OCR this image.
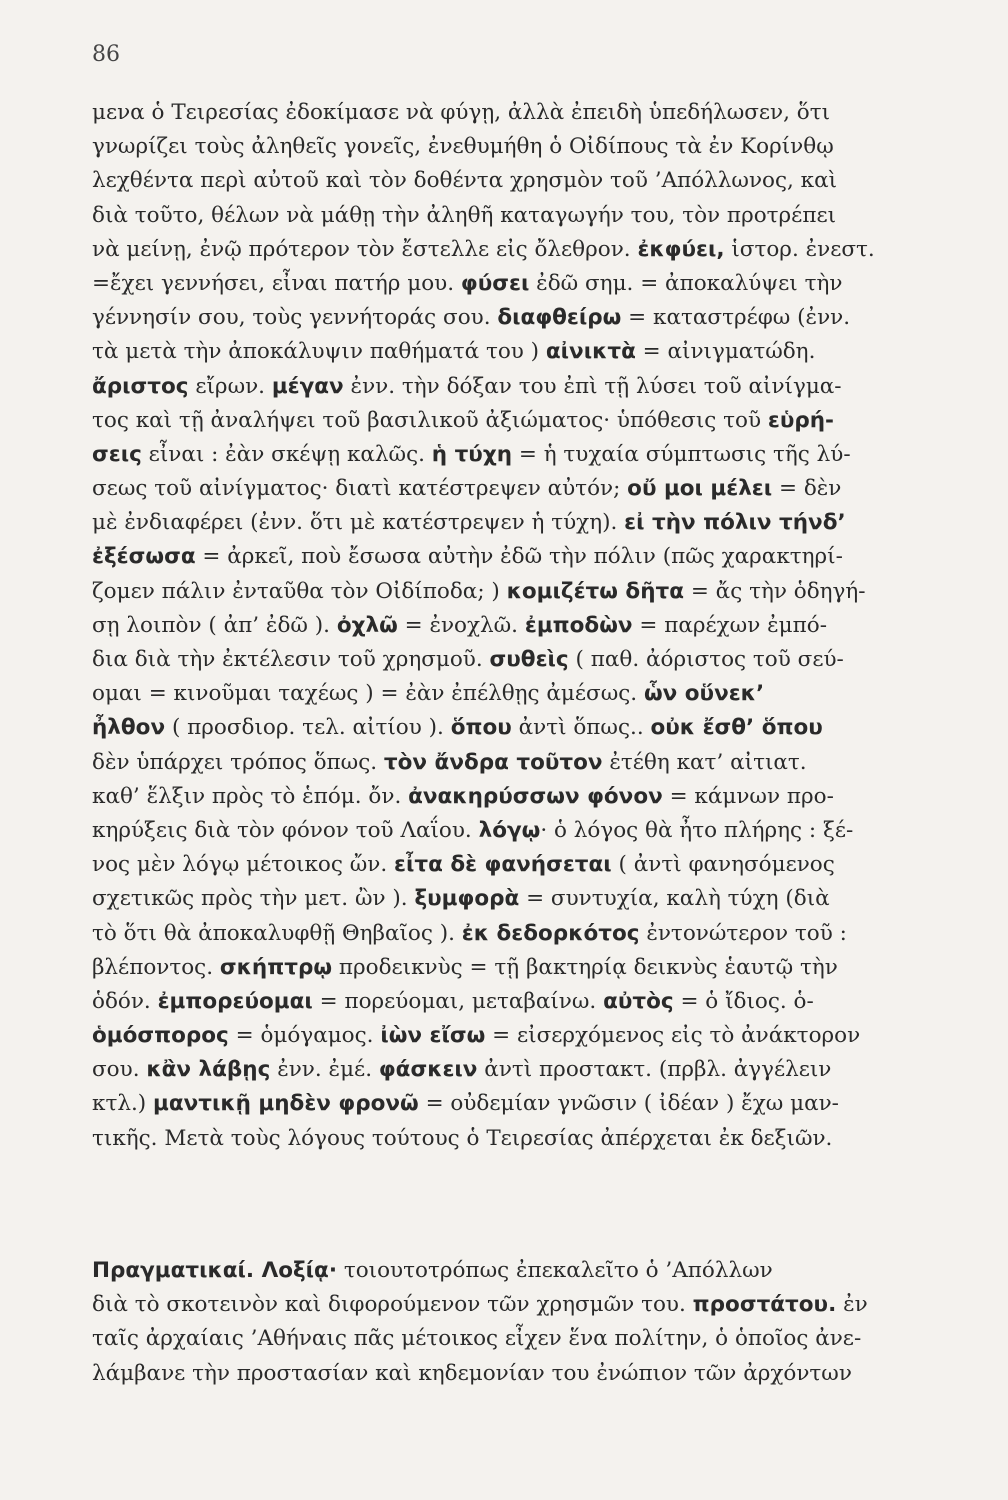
86
μενα ὁ Τειρεσίας ἐδοκίμασε νὰ φύγῃ, ἀλλὰ ἐπειδὴ ὑπεδήλωσεν, ὅτι
γνωρίζει τοὺς ἀληθεῖς γονεῖς, ἐνεθυμήθη ὁ Οἰδίπους τὰ ἐν Κορίνθῳ
λεχθέντα περὶ αὐτοῦ καὶ τὸν δοθέντα χρησμὸν τοῦ ’Απόλλωνος, καὶ
διὰ τοῦτο, θέλων νὰ μάθῃ τὴν ἀληθῆ καταγωγήν του, τὸν προτρέπει
νὰ μείνῃ, ἐνῷ πρότερον τὸν ἔστελλε εἰς ὄλεθρον. ἐκφύει, ἱστορ. ἐνεστ.
=ἔχει γεννήσει, εἶναι πατήρ μου. φύσει ἐδῶ σημ. = ἀποκαλύψει τὴν
γέννησίν σου, τοὺς γεννήτοράς σου. διαφθείρω = καταστρέφω (ἐνν.
τὰ μετὰ τὴν ἀποκάλυψιν παθήματά του ) αἰνικτὰ = αἰνιγματώδη.
ἄριστος εἴρων. μέγαν ἐνν. τὴν δόξαν του ἐπὶ τῇ λύσει τοῦ αἰνίγμα-
τος καὶ τῇ ἀναλήψει τοῦ βασιλικοῦ ἀξιώματος· ὑπόθεσις τοῦ εὑρή-
σεις εἶναι : ἐὰν σκέψῃ καλῶς. ἡ τύχη = ἡ τυχαία σύμπτωσις τῆς λύ-
σεως τοῦ αἰνίγματος· διατὶ κατέστρεψεν αὐτόν; οὔ μοι μέλει = δὲν
μὲ ἐνδιαφέρει (ἐνν. ὅτι μὲ κατέστρεψεν ἡ τύχη). εἰ τὴν πόλιν τήνδ’
ἐξέσωσα = ἀρκεῖ, ποὺ ἔσωσα αὐτὴν ἐδῶ τὴν πόλιν (πῶς χαρακτηρί-
ζομεν πάλιν ἐνταῦθα τὸν Οἰδίποδα; ) κομιζέτω δῆτα = ἄς τὴν ὁδηγή-
σῃ λοιπὸν ( ἀπ’ ἐδῶ ). ὀχλῶ = ἐνοχλῶ. ἐμποδὼν = παρέχων ἐμπό-
δια διὰ τὴν ἐκτέλεσιν τοῦ χρησμοῦ. συθεὶς ( παθ. ἀόριστος τοῦ σεύ-
ομαι = κινοῦμαι ταχέως ) = ἐὰν ἐπέλθῃς ἀμέσως. ὧν οὕνεκ’
ἦλθον ( προσδιορ. τελ. αἰτίου ). ὅπου ἀντὶ ὅπως.. οὐκ ἔσθ’ ὅπου
δὲν ὑπάρχει τρόπος ὅπως. τὸν ἄνδρα τοῦτον ἐτέθη κατ’ αἰτιατ.
καθ’ ἕλξιν πρὸς τὸ ἑπόμ. ὄν. ἀνακηρύσσων φόνον = κάμνων προ-
κηρύξεις διὰ τὸν φόνον τοῦ Λαΐου. λόγῳ· ὁ λόγος θὰ ἦτο πλήρης : ξέ-
νος μὲν λόγῳ μέτοικος ὤν. εἶτα δὲ φανήσεται ( ἀντὶ φανησόμενος
σχετικῶς πρὸς τὴν μετ. ὢν ). ξυμφορὰ = συντυχία, καλὴ τύχη (διὰ
τὸ ὅτι θὰ ἀποκαλυφθῇ Θηβαῖος ). ἐκ δεδορκότος ἐντονώτερον τοῦ :
βλέποντος. σκήπτρῳ προδεικνὺς = τῇ βακτηρίᾳ δεικνὺς ἑαυτῷ τὴν
ὁδόν. ἐμπορεύομαι = πορεύομαι, μεταβαίνω. αὐτὸς = ὁ ἴδιος. ὁ-
ὁμόσπορος = ὁμόγαμος. ἰὼν εἴσω = εἰσερχόμενος εἰς τὸ ἀνάκτορον
σου. κἂν λάβῃς ἐνν. ἐμέ. φάσκειν ἀντὶ προστακτ. (πρβλ. ἀγγέλειν
κτλ.) μαντικῇ μηδὲν φρονῶ = οὐδεμίαν γνῶσιν ( ἰδέαν ) ἔχω μαν-
τικῆς. Μετὰ τοὺς λόγους τούτους ὁ Τειρεσίας ἀπέρχεται ἐκ δεξιῶν.
Πραγματικαί. Λοξίᾳ· τοιουτοτρόπως ἐπεκαλεῖτο ὁ ’Απόλλων
διὰ τὸ σκοτεινὸν καὶ διφορούμενον τῶν χρησμῶν του. προστάτου. ἐν
ταῖς ἀρχαίαις ’Αθήναις πᾶς μέτοικος εἶχεν ἕνα πολίτην, ὁ ὁποῖος ἀνε-
λάμβανε τὴν προστασίαν καὶ κηδεμονίαν του ἐνώπιον τῶν ἀρχόντων
